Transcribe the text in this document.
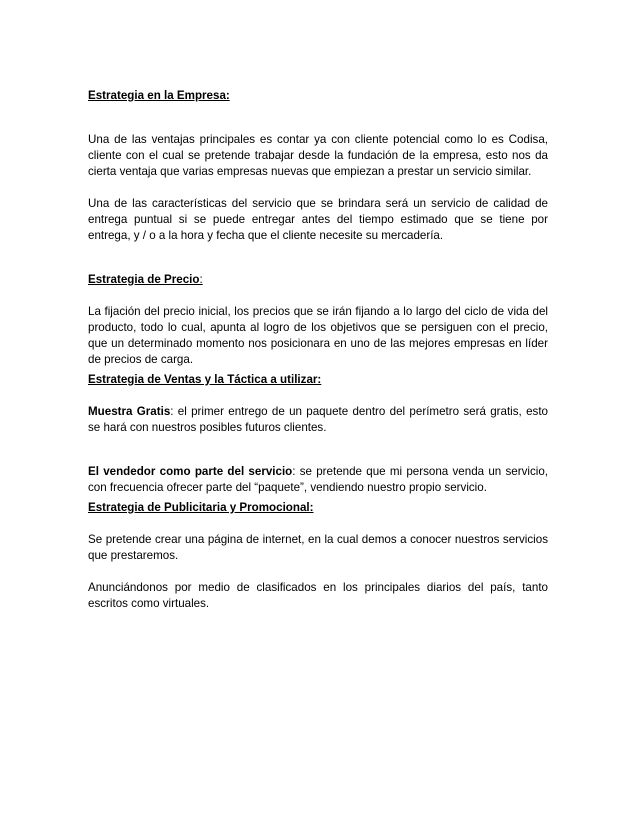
Estrategia en la Empresa:

Una de las ventajas principales es contar ya con cliente potencial como lo es Codisa, cliente con el cual se pretende trabajar desde la fundación de la empresa, esto nos da cierta ventaja que varias empresas nuevas que empiezan a prestar un servicio similar.

Una de las características del servicio que se brindara será un servicio de calidad de entrega puntual si se puede entregar antes del tiempo estimado que se tiene por entrega, y / o a la hora y fecha que el cliente necesite su mercadería.

Estrategia de Precio:

La fijación del precio inicial, los precios que se irán fijando a lo largo del ciclo de vida del producto, todo lo cual, apunta al logro de los objetivos que se persiguen con el precio, que un determinado momento nos posicionara en uno de las mejores empresas en líder de precios de carga.

Estrategia de Ventas y la Táctica a utilizar:

Muestra Gratis: el primer entrego de un paquete dentro del perímetro será gratis, esto se hará con nuestros posibles futuros clientes.

El vendedor como parte del servicio: se pretende que mi persona venda un servicio, con frecuencia ofrecer parte del “paquete”, vendiendo nuestro propio servicio.

Estrategia de Publicitaria y Promocional:

Se pretende crear una página de internet, en la cual demos a conocer nuestros servicios que prestaremos.

Anunciándonos por medio de clasificados en los principales diarios del país, tanto escritos como virtuales.
